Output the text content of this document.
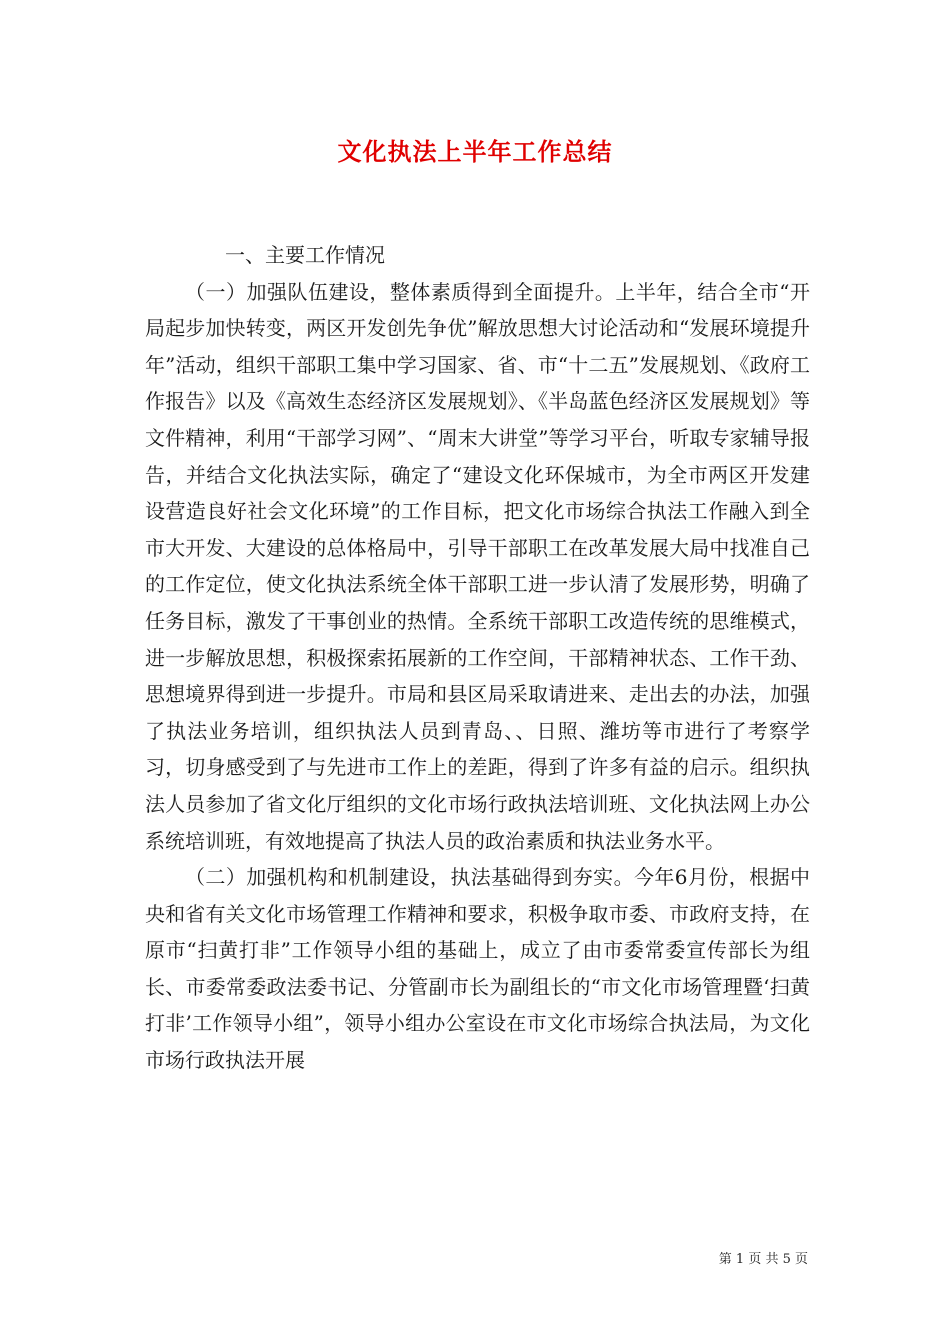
文化执法上半年工作总结

一、主要工作情况

（一）加强队伍建设，整体素质得到全面提升。上半年，结合全市“开局起步加快转变，两区开发创先争优”解放思想大讨论活动和“发展环境提升年”活动，组织干部职工集中学习国家、省、市“十二五”发展规划、《政府工作报告》以及《高效生态经济区发展规划》、《半岛蓝色经济区发展规划》等文件精神，利用“干部学习网”、“周末大讲堂”等学习平台，听取专家辅导报告，并结合文化执法实际，确定了“建设文化环保城市，为全市两区开发建设营造良好社会文化环境”的工作目标，把文化市场综合执法工作融入到全市大开发、大建设的总体格局中，引导干部职工在改革发展大局中找准自己的工作定位，使文化执法系统全体干部职工进一步认清了发展形势，明确了任务目标，激发了干事创业的热情。全系统干部职工改造传统的思维模式，进一步解放思想，积极探索拓展新的工作空间，干部精神状态、工作干劲、思想境界得到进一步提升。市局和县区局采取请进来、走出去的办法，加强了执法业务培训，组织执法人员到青岛、、日照、潍坊等市进行了考察学习，切身感受到了与先进市工作上的差距，得到了许多有益的启示。组织执法人员参加了省文化厅组织的文化市场行政执法培训班、文化执法网上办公系统培训班，有效地提高了执法人员的政治素质和执法业务水平。

（二）加强机构和机制建设，执法基础得到夯实。今年6月份，根据中央和省有关文化市场管理工作精神和要求，积极争取市委、市政府支持，在原市“扫黄打非”工作领导小组的基础上，成立了由市委常委宣传部长为组长、市委常委政法委书记、分管副市长为副组长的“市文化市场管理暨‘扫黄打非’工作领导小组”，领导小组办公室设在市文化市场综合执法局，为文化市场行政执法开展

第 1 页 共 5 页
